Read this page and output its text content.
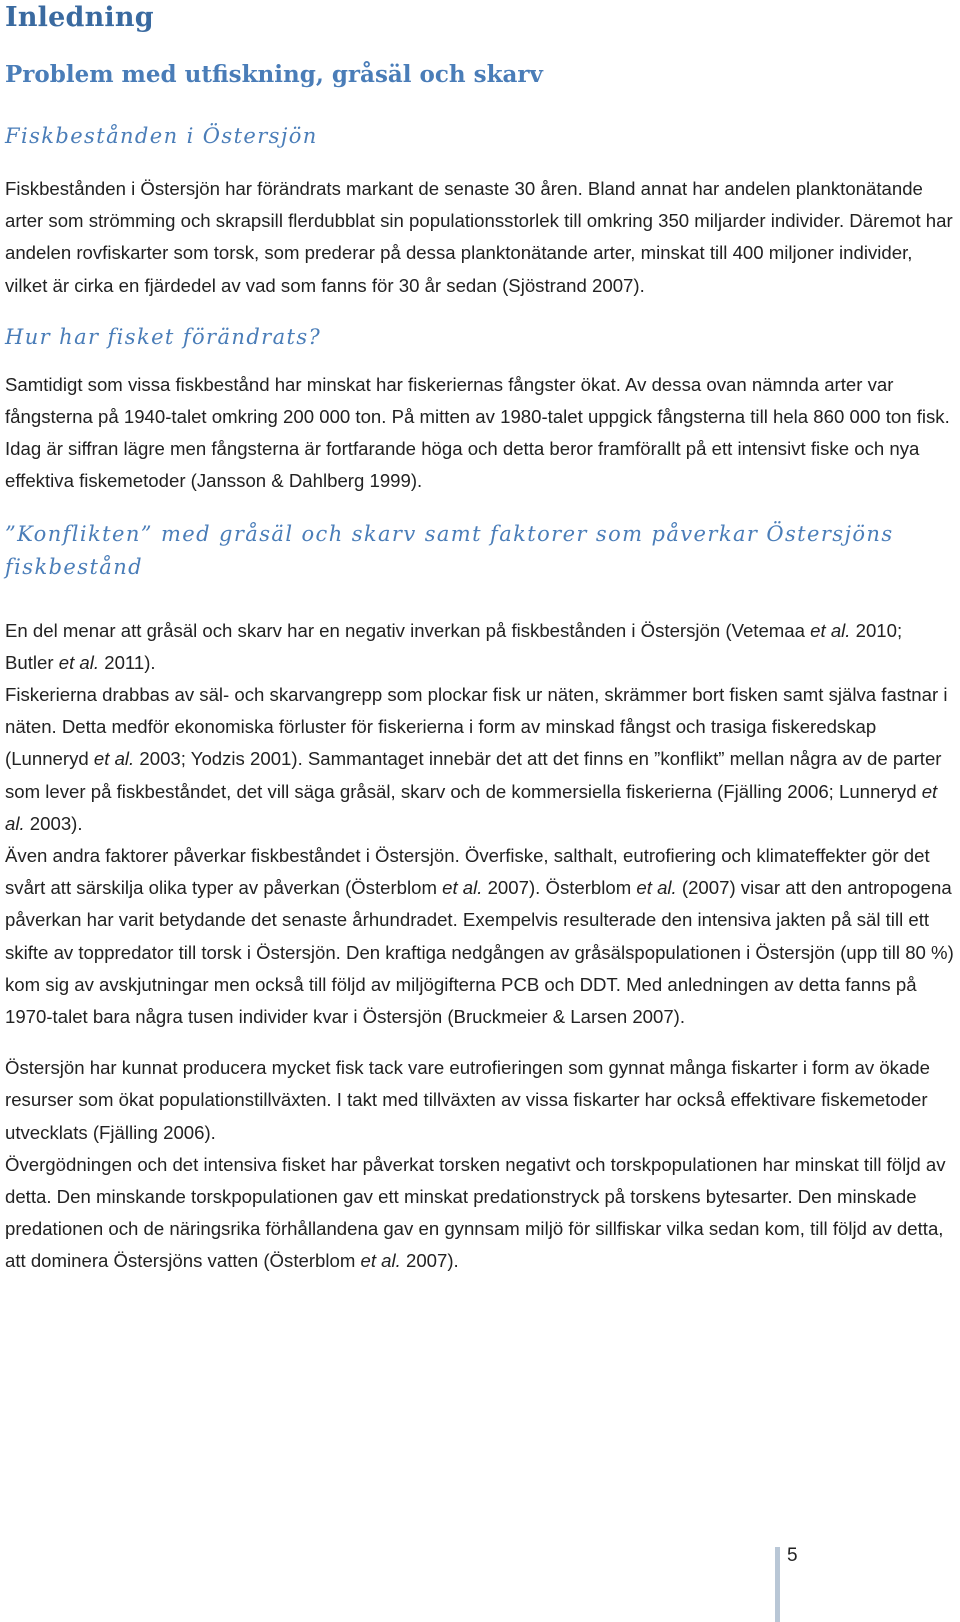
Inledning
Problem med utfiskning, gråsäl och skarv
Fiskbestånden i Östersjön

Fiskbestånden i Östersjön har förändrats markant de senaste 30 åren. Bland annat har andelen planktonätande arter som strömming och skrapsill flerdubblat sin populationsstorlek till omkring 350 miljarder individer. Däremot har andelen rovfiskarter som torsk, som prederar på dessa planktonätande arter, minskat till 400 miljoner individer, vilket är cirka en fjärdedel av vad som fanns för 30 år sedan (Sjöstrand 2007).

Hur har fisket förändrats?

Samtidigt som vissa fiskbestånd har minskat har fiskeriernas fångster ökat. Av dessa ovan nämnda arter var fångsterna på 1940-talet omkring 200 000 ton. På mitten av 1980-talet uppgick fångsterna till hela 860 000 ton fisk. Idag är siffran lägre men fångsterna är fortfarande höga och detta beror framförallt på ett intensivt fiske och nya effektiva fiskemetoder (Jansson & Dahlberg 1999).

”Konflikten” med gråsäl och skarv samt faktorer som påverkar Östersjöns fiskbestånd

En del menar att gråsäl och skarv har en negativ inverkan på fiskbestånden i Östersjön (Vetemaa et al. 2010; Butler et al. 2011).

Fiskerierna drabbas av säl- och skarvangrepp som plockar fisk ur näten, skrämmer bort fisken samt själva fastnar i näten. Detta medför ekonomiska förluster för fiskerierna i form av minskad fångst och trasiga fiskeredskap (Lunneryd et al. 2003; Yodzis 2001). Sammantaget innebär det att det finns en ”konflikt” mellan några av de parter som lever på fiskbeståndet, det vill säga gråsäl, skarv och de kommersiella fiskerierna (Fjälling 2006; Lunneryd et al. 2003).

Även andra faktorer påverkar fiskbeståndet i Östersjön. Överfiske, salthalt, eutrofiering och klimateffekter gör det svårt att särskilja olika typer av påverkan (Österblom et al. 2007). Österblom et al. (2007) visar att den antropogena påverkan har varit betydande det senaste århundradet. Exempelvis resulterade den intensiva jakten på säl till ett skifte av toppredator till torsk i Östersjön. Den kraftiga nedgången av gråsälspopulationen i Östersjön (upp till 80 %) kom sig av avskjutningar men också till följd av miljögifterna PCB och DDT. Med anledningen av detta fanns på 1970-talet bara några tusen individer kvar i Östersjön (Bruckmeier & Larsen 2007).

Östersjön har kunnat producera mycket fisk tack vare eutrofieringen som gynnat många fiskarter i form av ökade resurser som ökat populationstillväxten. I takt med tillväxten av vissa fiskarter har också effektivare fiskemetoder utvecklats (Fjälling 2006).

Övergödningen och det intensiva fisket har påverkat torsken negativt och torskpopulationen har minskat till följd av detta. Den minskande torskpopulationen gav ett minskat predationstryck på torskens bytesarter. Den minskade predationen och de näringsrika förhållandena gav en gynnsam miljö för sillfiskar vilka sedan kom, till följd av detta, att dominera Östersjöns vatten (Österblom et al. 2007).

5
